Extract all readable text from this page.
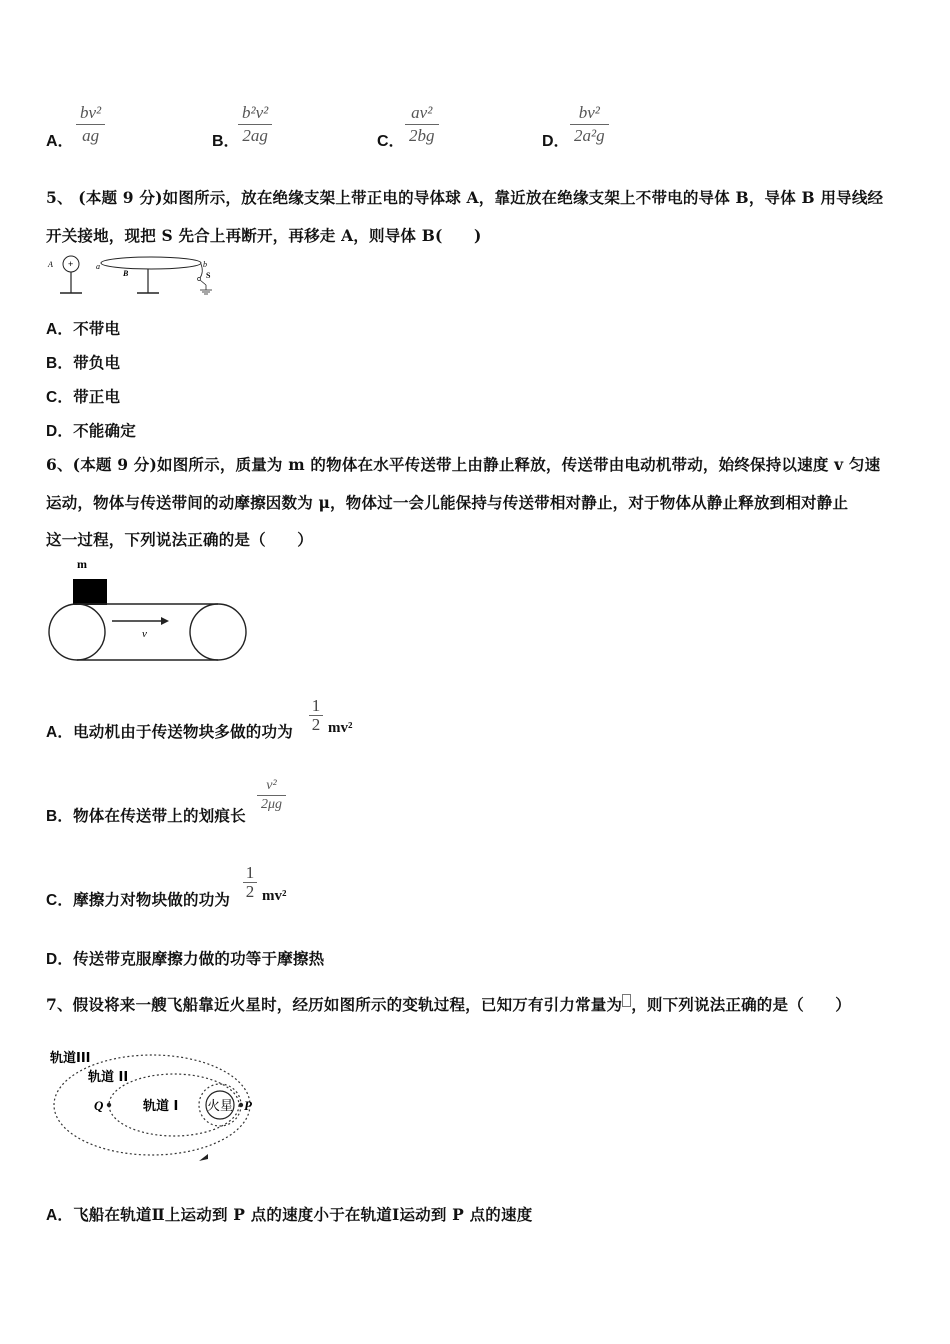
A．
bv²
ag	B．
b²v²
2ag	C．
av²
2bg	D．
bv²
2a²g
5、 (本题 9 分)如图所示，放在绝缘支架上带正电的导体球 A，靠近放在绝缘支架上不带电的导体 B，导体 B 用导线经
开关接地，现把 S 先合上再断开，再移走 A，则导体 B(　　)
A +	a
B
b
S
A．不带电
B．带负电
C．带正电
D．不能确定
6、(本题 9 分)如图所示，质量为 m 的物体在水平传送带上由静止释放，传送带由电动机带动，始终保持以速度 v 匀速
运动，物体与传送带间的动摩擦因数为 μ，物体过一会儿能保持与传送带相对静止，对于物体从静止释放到相对静止
这一过程，下列说法正确的是（　　）
m
v
A．电动机由于传送物块多做的功为
1
2 mv²
B．物体在传送带上的划痕长
v²
2μg
C．摩擦力对物块做的功为
1
2 mv²
D．传送带克服摩擦力做的功等于摩擦热
7、假设将来一艘飞船靠近火星时，经历如图所示的变轨过程，已知万有引力常量为 ，则下列说法正确的是（　　）
火星
Q	P
轨道III
轨道 II
轨道 I
A．飞船在轨道Ⅱ上运动到 P 点的速度小于在轨道Ⅰ运动到 P 点的速度
